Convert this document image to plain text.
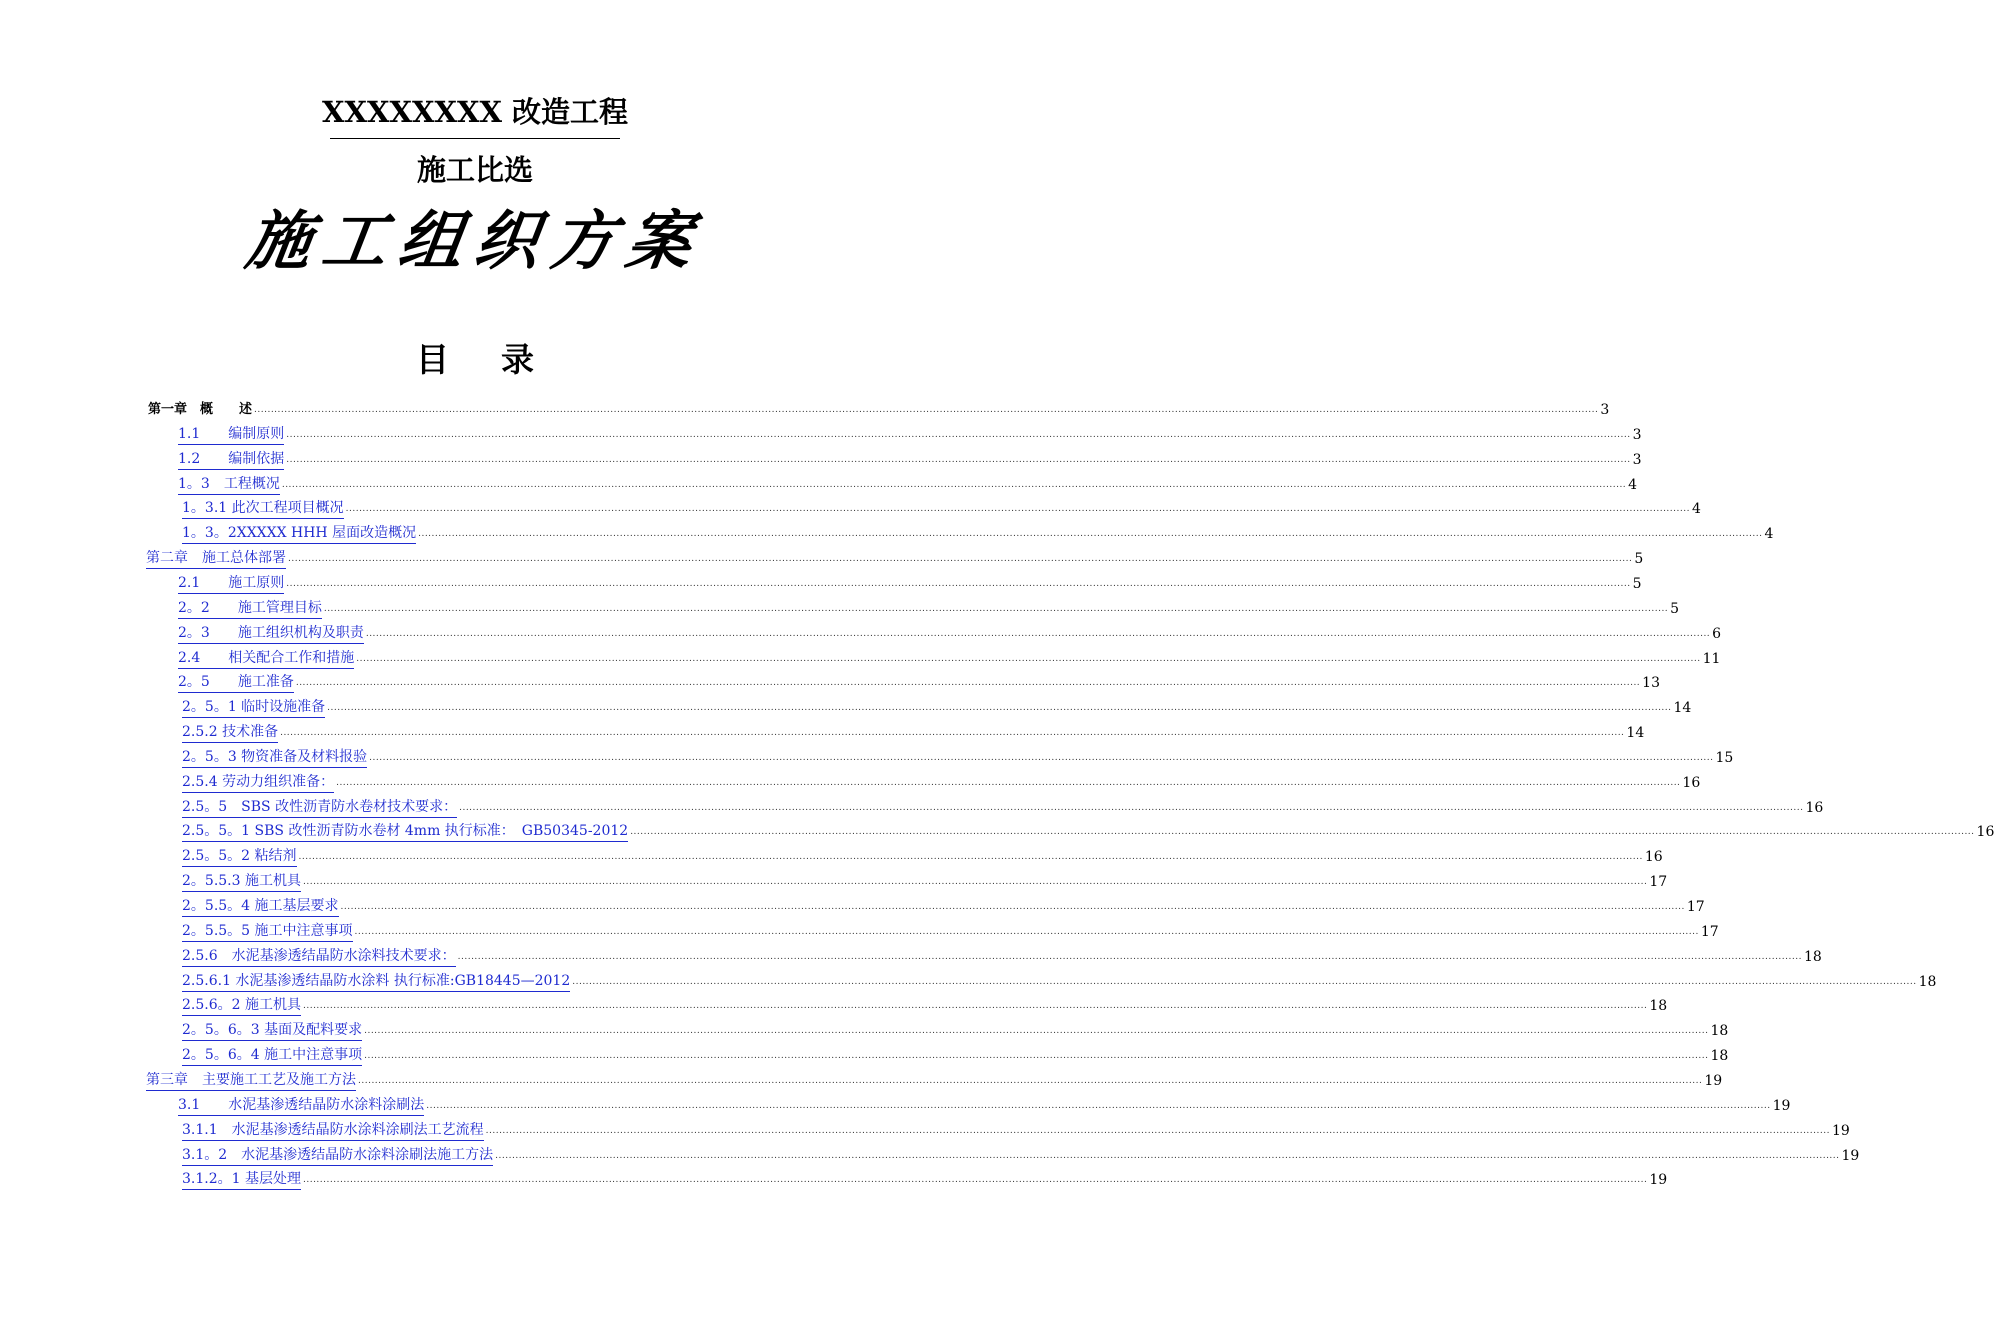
XXXXXXXX 改造工程
施工比选
施工组织方案
目录
第一章　概　　述 ................................................................................................................................................................................................................................................................................................................................................................................................................ 3
1.1　　编制原则 ................................................................................................................................................................................................................................................................................................................................................................................................................ 3
1.2　　编制依据 ................................................................................................................................................................................................................................................................................................................................................................................................................ 3
1。3　工程概况 ................................................................................................................................................................................................................................................................................................................................................................................................................ 4
1。3.1 此次工程项目概况 ................................................................................................................................................................................................................................................................................................................................................................................................................ 4
1。3。2XXXXX HHH 屋面改造概况 ................................................................................................................................................................................................................................................................................................................................................................................................................ 4
第二章　施工总体部署 ................................................................................................................................................................................................................................................................................................................................................................................................................ 5
2.1　　施工原则 ................................................................................................................................................................................................................................................................................................................................................................................................................ 5
2。2　　施工管理目标 ................................................................................................................................................................................................................................................................................................................................................................................................................ 5
2。3　　施工组织机构及职责 ................................................................................................................................................................................................................................................................................................................................................................................................................ 6
2.4　　相关配合工作和措施 ................................................................................................................................................................................................................................................................................................................................................................................................................ 11
2。5　　施工准备 ................................................................................................................................................................................................................................................................................................................................................................................................................ 13
2。5。1 临时设施准备 ................................................................................................................................................................................................................................................................................................................................................................................................................ 14
2.5.2 技术准备 ................................................................................................................................................................................................................................................................................................................................................................................................................ 14
2。5。3 物资准备及材料报验 ................................................................................................................................................................................................................................................................................................................................................................................................................ 15
2.5.4 劳动力组织准备： ................................................................................................................................................................................................................................................................................................................................................................................................................ 16
2.5。5　SBS 改性沥青防水卷材技术要求： ................................................................................................................................................................................................................................................................................................................................................................................................................ 16
2.5。5。1 SBS 改性沥青防水卷材 4mm 执行标准：　GB50345-2012 ................................................................................................................................................................................................................................................................................................................................................................................................................ 16
2.5。5。2 粘结剂 ................................................................................................................................................................................................................................................................................................................................................................................................................ 16
2。5.5.3 施工机具 ................................................................................................................................................................................................................................................................................................................................................................................................................ 17
2。5.5。4 施工基层要求 ................................................................................................................................................................................................................................................................................................................................................................................................................ 17
2。5.5。5 施工中注意事项 ................................................................................................................................................................................................................................................................................................................................................................................................................ 17
2.5.6　水泥基渗透结晶防水涂料技术要求： ................................................................................................................................................................................................................................................................................................................................................................................................................ 18
2.5.6.1 水泥基渗透结晶防水涂料 执行标准:GB18445—2012 ................................................................................................................................................................................................................................................................................................................................................................................................................ 18
2.5.6。2 施工机具 ................................................................................................................................................................................................................................................................................................................................................................................................................ 18
2。5。6。3 基面及配料要求 ................................................................................................................................................................................................................................................................................................................................................................................................................ 18
2。5。6。4 施工中注意事项 ................................................................................................................................................................................................................................................................................................................................................................................................................ 18
第三章　主要施工工艺及施工方法 ................................................................................................................................................................................................................................................................................................................................................................................................................ 19
3.1　　水泥基渗透结晶防水涂料涂刷法 ................................................................................................................................................................................................................................................................................................................................................................................................................ 19
3.1.1　水泥基渗透结晶防水涂料涂刷法工艺流程 ................................................................................................................................................................................................................................................................................................................................................................................................................ 19
3.1。2　水泥基渗透结晶防水涂料涂刷法施工方法 ................................................................................................................................................................................................................................................................................................................................................................................................................ 19
3.1.2。1 基层处理 ................................................................................................................................................................................................................................................................................................................................................................................................................ 19
